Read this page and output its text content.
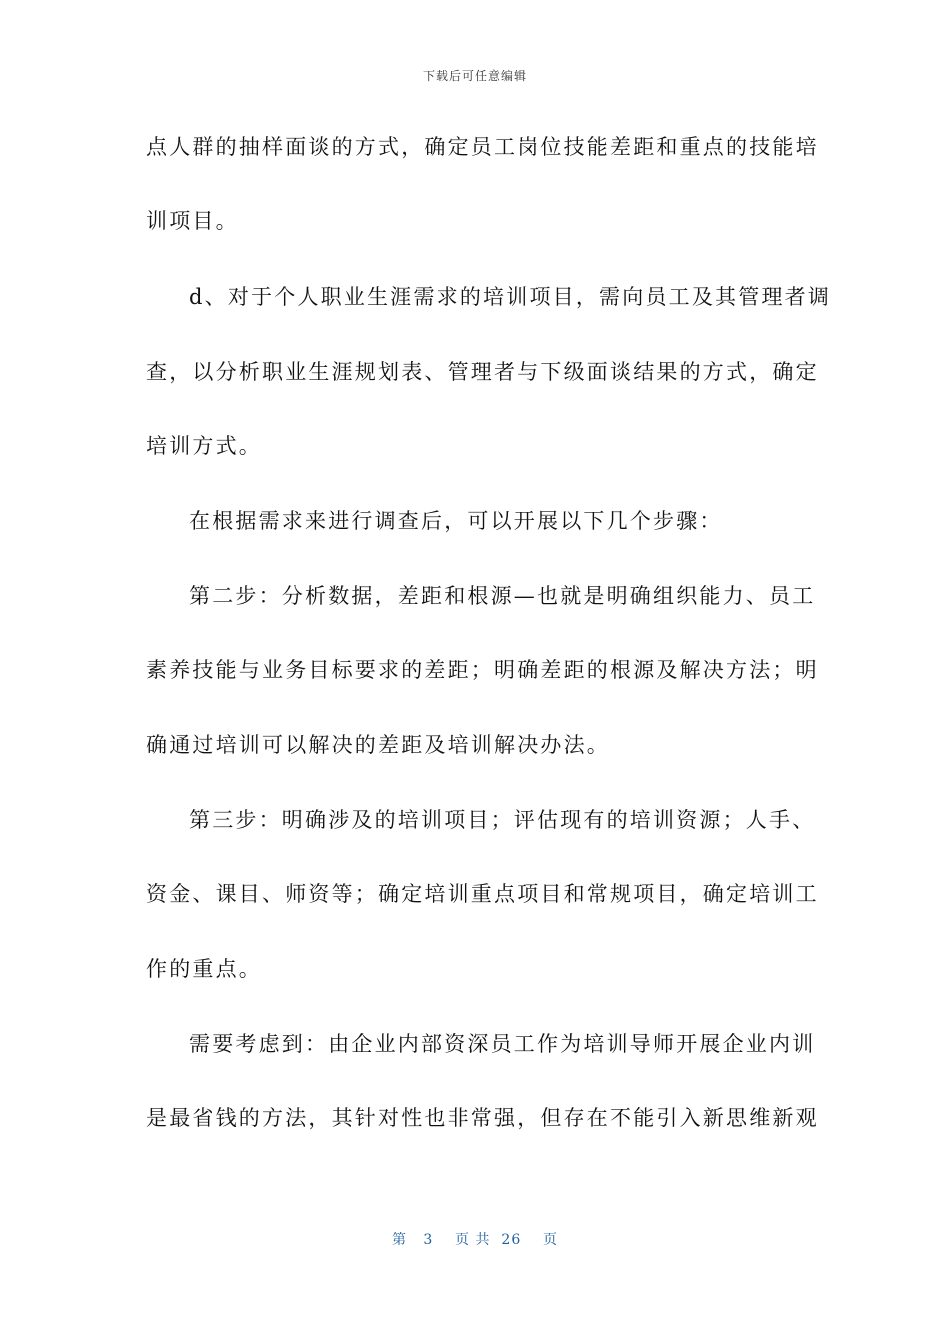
下载后可任意编辑
点人群的抽样面谈的方式，确定员工岗位技能差距和重点的技能培
训项目。
d、对于个人职业生涯需求的培训项目，需向员工及其管理者调
查，以分析职业生涯规划表、管理者与下级面谈结果的方式，确定
培训方式。
在根据需求来进行调查后，可以开展以下几个步骤：
第二步：分析数据，差距和根源—也就是明确组织能力、员工
素养技能与业务目标要求的差距；明确差距的根源及解决方法；明
确通过培训可以解决的差距及培训解决办法。
第三步：明确涉及的培训项目；评估现有的培训资源；人手、
资金、课目、师资等；确定培训重点项目和常规项目，确定培训工
作的重点。
需要考虑到：由企业内部资深员工作为培训导师开展企业内训
是最省钱的方法，其针对性也非常强，但存在不能引入新思维新观
第 3 页 共 26 页
